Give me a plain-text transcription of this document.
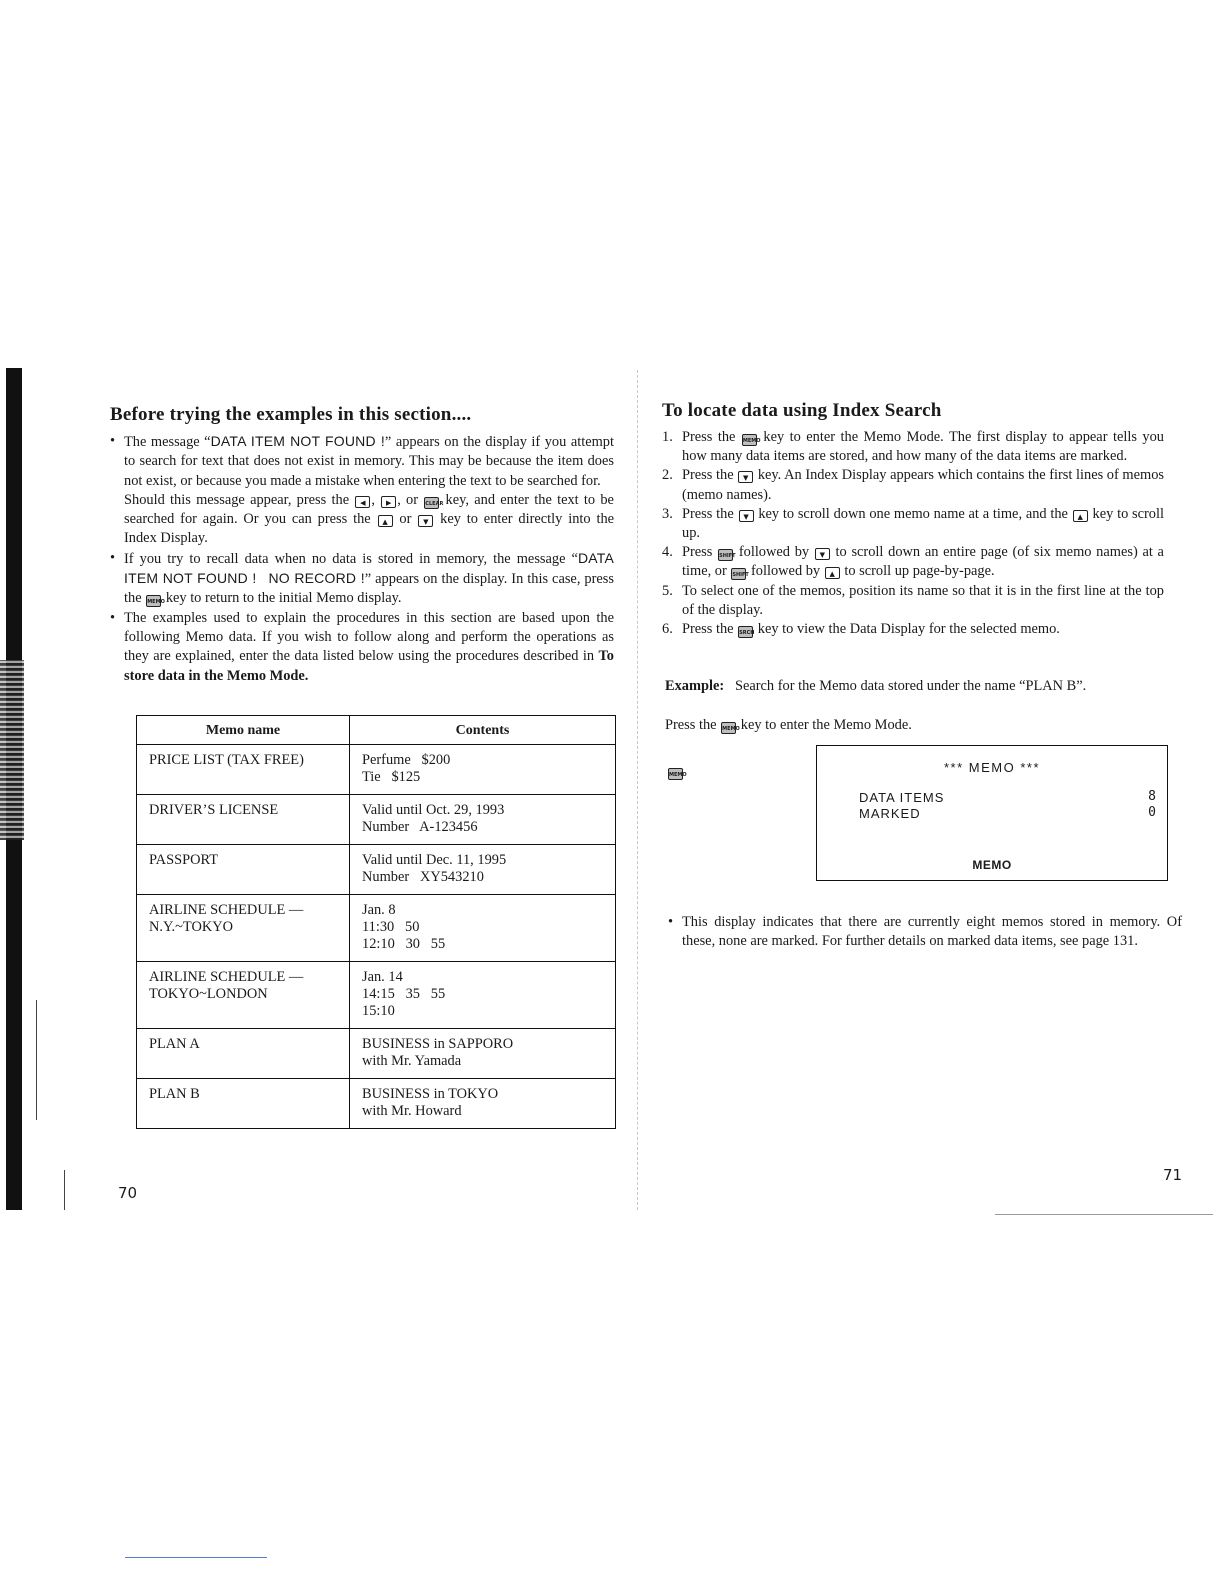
Before trying the examples in this section....

• The message “DATA ITEM NOT FOUND !” appears on the display if you attempt to search for text that does not exist in memory. This may be because the item does not exist, or because you made a mistake when entering the text to be searched for.

Should this message appear, press the ◀ , ▶ , or CLEAR key, and enter the text to be searched for again. Or you can press the ▲ or ▼ key to enter directly into the Index Display.

• If you try to recall data when no data is stored in memory, the message “DATA ITEM NOT FOUND ! NO RECORD !” appears on the display. In this case, press the MEMO key to return to the initial Memo display.

• The examples used to explain the procedures in this section are based upon the following Memo data. If you wish to follow along and perform the operations as they are explained, enter the data listed below using the procedures described in To store data in the Memo Mode.

Memo name	Contents

PRICE LIST (TAX FREE)	Perfume   $200
Tie   $125

DRIVER’S LICENSE	Valid until Oct. 29, 1993
Number   A-123456

PASSPORT	Valid until Dec. 11, 1995
Number   XY543210

AIRLINE SCHEDULE —
N.Y.~TOKYO	Jan. 8
11:30   50
12:10   30   55

AIRLINE SCHEDULE —
TOKYO~LONDON	Jan. 14
14:15   35   55
15:10

PLAN A	BUSINESS in SAPPORO
with Mr. Yamada

PLAN B	BUSINESS in TOKYO
with Mr. Howard
70
To locate data using Index Search
1. Press the MEMO key to enter the Memo Mode. The first display to appear tells you how many data items are stored, and how many of the data items are marked.
2. Press the ▼ key. An Index Display appears which contains the first lines of memos (memo names).
3. Press the ▼ key to scroll down one memo name at a time, and the ▲ key to scroll up.
4. Press SHIFT followed by ▼ to scroll down an entire page (of six memo names) at a time, or SHIFT followed by ▲ to scroll up page-by-page.
5. To select one of the memos, position its name so that it is in the first line at the top of the display.
6. Press the SRCH key to view the Data Display for the selected memo.
Example: Search for the Memo data stored under the name “PLAN B”.
Press the MEMO key to enter the Memo Mode.
MEMO	*** MEMO ***
DATA ITEMS	8
MARKED	0
MEMO

• This display indicates that there are currently eight memos stored in memory. Of these, none are marked. For further details on marked data items, see page 131.

71
